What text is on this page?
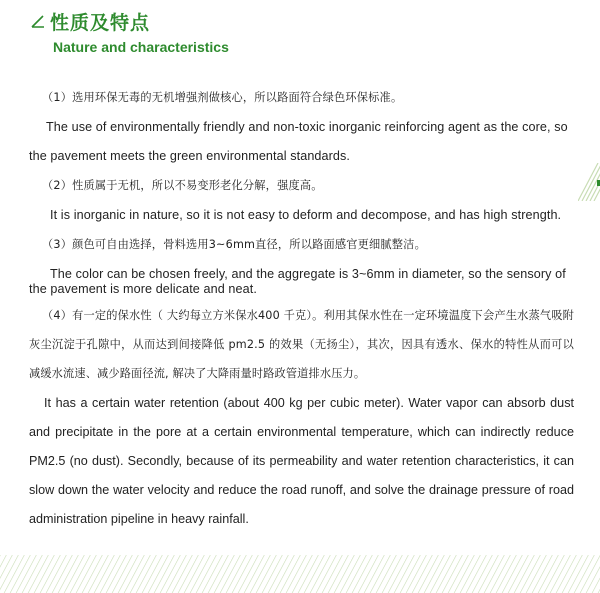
性质及特点
Nature and characteristics
（1）选用环保无毒的无机增强剂做核心，所以路面符合绿色环保标准。
The use of environmentally friendly and non-toxic inorganic reinforcing agent as the core, so
the pavement meets the green environmental standards.
（2）性质属于无机，所以不易变形老化分解，强度高。
It is inorganic in nature, so it is not easy to deform and decompose, and has high strength.
（3）颜色可自由选择，骨料选用3~6mm直径，所以路面感官更细腻整洁。
The color can be chosen freely, and the aggregate is 3~6mm in diameter, so the sensory of
the pavement is more delicate and neat.
（4）有一定的保水性（ 大约每立方米保水400 千克）。利用其保水性在一定环境温度下会产生水蒸气吸附灰尘沉淀于孔隙中，从而达到间接降低 pm2.5 的效果（无扬尘），其次，因具有透水、保水的特性从而可以减缓水流速、减少路面径流, 解决了大降雨量时路政管道排水压力。
It has a certain water retention (about 400 kg per cubic meter). Water vapor can absorb dust and precipitate in the pore at a certain environmental temperature, which can indirectly reduce PM2.5 (no dust). Secondly, because of its permeability and water retention characteristics, it can slow down the water velocity and reduce the road runoff, and solve the drainage pressure of road administration pipeline in heavy rainfall.
